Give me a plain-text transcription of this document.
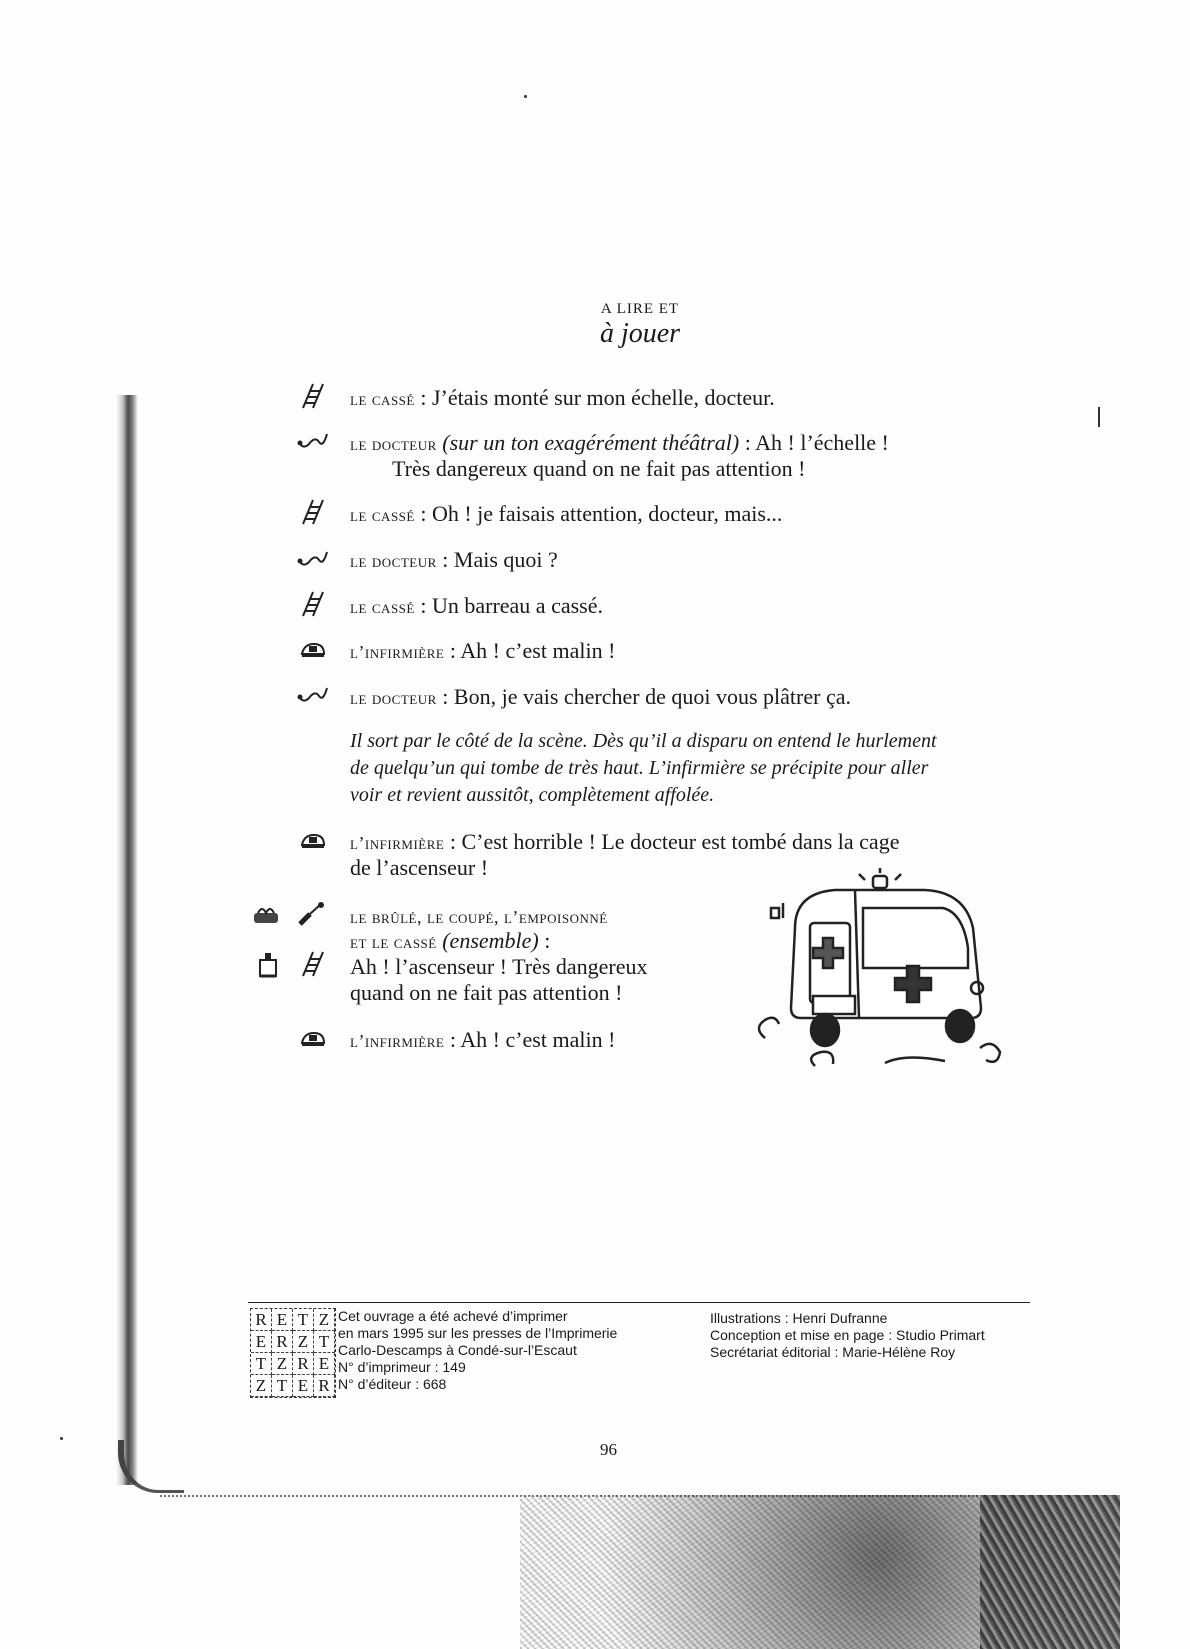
A LIRE ET
à jouer
le cassé : J’étais monté sur mon échelle, docteur.
le docteur (sur un ton exagérément théâtral) : Ah ! l’échelle !
Très dangereux quand on ne fait pas attention !
le cassé : Oh ! je faisais attention, docteur, mais...
le docteur : Mais quoi ?
le cassé : Un barreau a cassé.
l’infirmière : Ah ! c’est malin !
le docteur : Bon, je vais chercher de quoi vous plâtrer ça.
Il sort par le côté de la scène. Dès qu’il a disparu on entend le hurlement
de quelqu’un qui tombe de très haut. L’infirmière se précipite pour aller
voir et revient aussitôt, complètement affolée.
l’infirmière : C’est horrible ! Le docteur est tombé dans la cage
de l’ascenseur !
le brûlé, le coupé, l’empoisonné
et le cassé (ensemble) :
Ah ! l’ascenseur ! Très dangereux
quand on ne fait pas attention !
l’infirmière : Ah ! c’est malin !
R E T Z
E R Z T
T Z R E
Z T E R
Cet ouvrage a été achevé d’imprimer
en mars 1995 sur les presses de l’Imprimerie
Carlo-Descamps à Condé-sur-l’Escaut
N° d’imprimeur : 149
N° d’éditeur : 668
Illustrations : Henri Dufranne
Conception et mise en page : Studio Primart
Secrétariat éditorial : Marie-Hélène Roy
96
